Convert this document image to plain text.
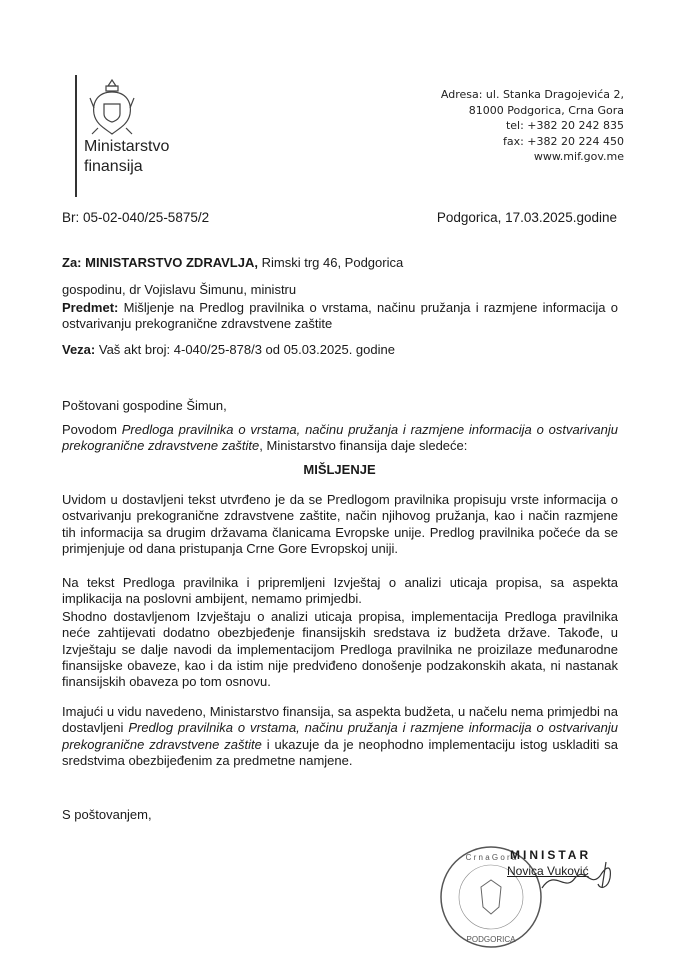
Ministarstvo
finansija
Adresa: ul. Stanka Dragojevića 2,
81000 Podgorica, Crna Gora
tel: +382 20 242 835
fax: +382 20 224 450
www.mif.gov.me
Br: 05-02-040/25-5875/2	Podgorica, 17.03.2025.godine
Za: MINISTARSTVO ZDRAVLJA, Rimski trg 46, Podgorica
gospodinu, dr Vojislavu Šimunu, ministru
Predmet: Mišljenje na Predlog pravilnika o vrstama, načinu pružanja i razmjene informacija o ostvarivanju prekogranične zdravstvene zaštite
Veza: Vaš akt broj: 4-040/25-878/3 od 05.03.2025. godine
Poštovani gospodine Šimun,
Povodom Predloga pravilnika o vrstama, načinu pružanja i razmjene informacija o ostvarivanju prekogranične zdravstvene zaštite, Ministarstvo finansija daje sledeće:
MIŠLJENJE
Uvidom u dostavljeni tekst utvrđeno je da se Predlogom pravilnika propisuju vrste informacija o ostvarivanju prekogranične zdravstvene zaštite, način njihovog pružanja, kao i način razmjene tih informacija sa drugim državama članicama Evropske unije. Predlog pravilnika počeće da se primjenjuje od dana pristupanja Crne Gore Evropskoj uniji.
Na tekst Predloga pravilnika i pripremljeni Izvještaj o analizi uticaja propisa, sa aspekta implikacija na poslovni ambijent, nemamo primjedbi.
Shodno dostavljenom Izvještaju o analizi uticaja propisa, implementacija Predloga pravilnika neće zahtijevati dodatno obezbjeđenje finansijskih sredstava iz budžeta države. Takođe, u Izvještaju se dalje navodi da implementacijom Predloga pravilnika ne proizilaze međunarodne finansijske obaveze, kao i da istim nije predviđeno donošenje podzakonskih akata, ni nastanak finansijskih obaveza po tom osnovu.
Imajući u vidu navedeno, Ministarstvo finansija, sa aspekta budžeta, u načelu nema primjedbi na dostavljeni Predlog pravilnika o vrstama, načinu pružanja i razmjene informacija o ostvarivanju prekogranične zdravstvene zaštite i ukazuje da je neophodno implementaciju istog uskladiti sa sredstvima obezbijeđenim za predmetne namjene.
S poštovanjem,
PODGORICA
C r n a G o r a
MINISTAR
Novica Vuković
